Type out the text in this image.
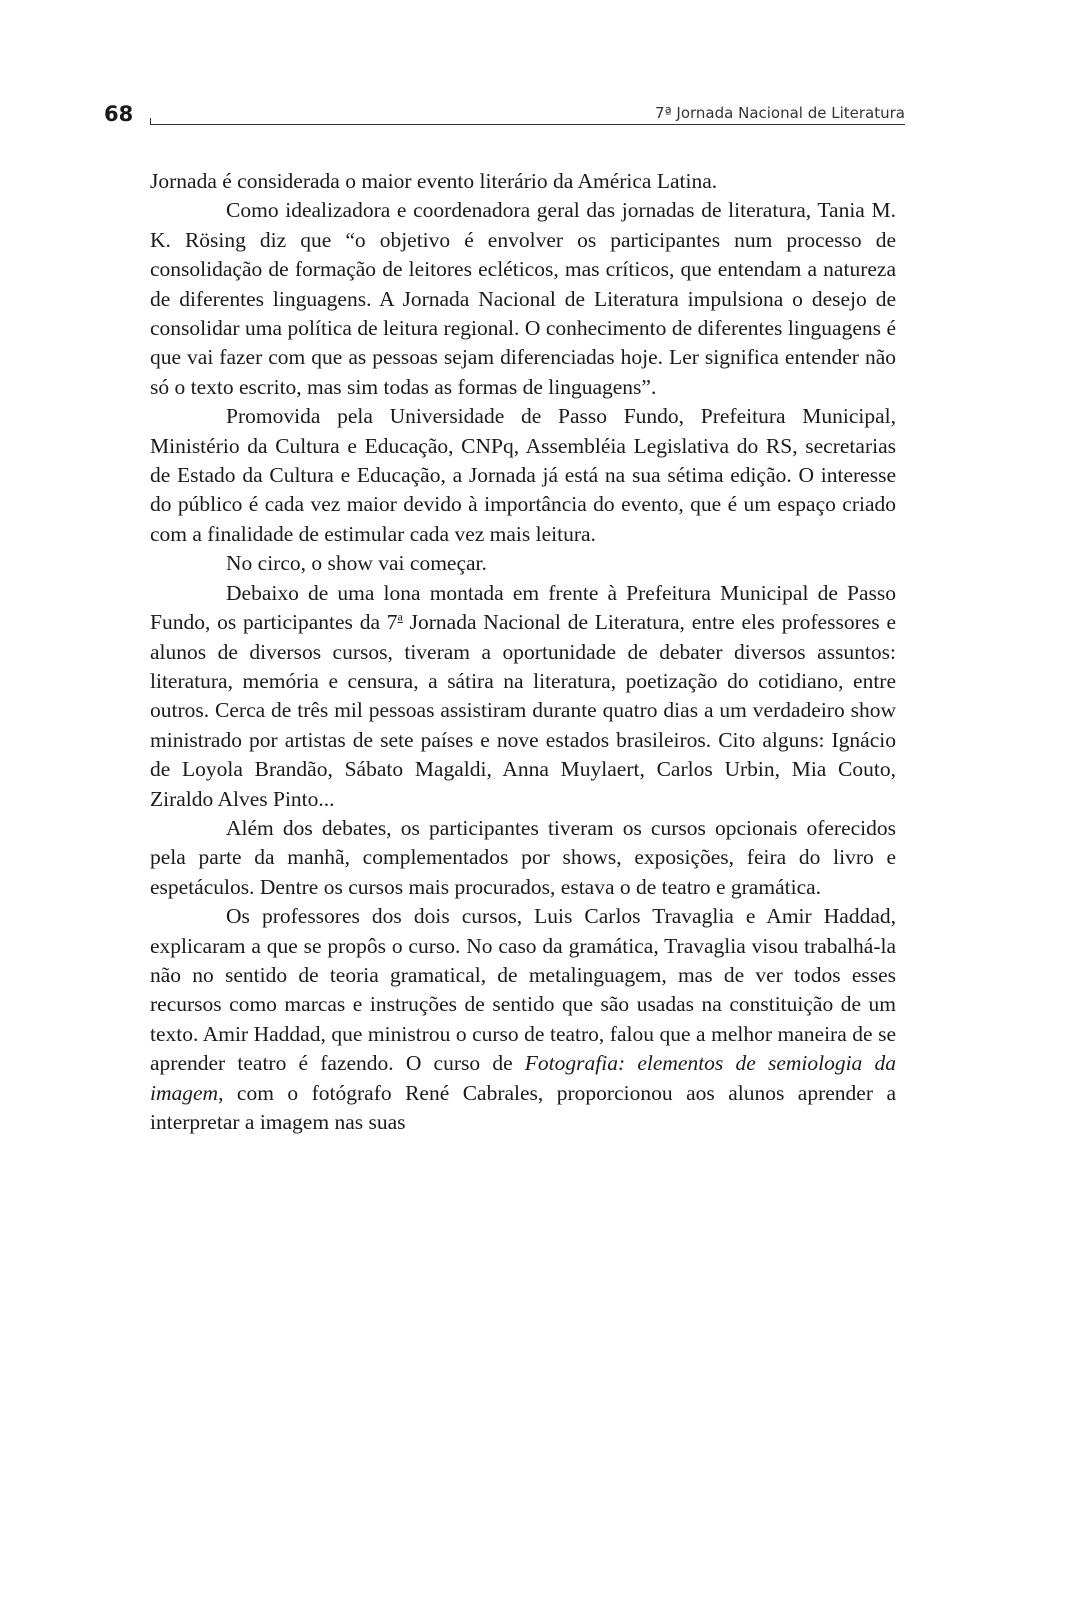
68	7ª Jornada Nacional de Literatura

Jornada é considerada o maior evento literário da América Latina.

Como idealizadora e coordenadora geral das jornadas de literatura, Tania M. K. Rösing diz que “o objetivo é envolver os participantes num processo de consolidação de formação de leitores ecléticos, mas críticos, que entendam a natureza de diferentes linguagens. A Jornada Nacional de Literatura impulsiona o desejo de consolidar uma política de leitura regional. O conhecimento de diferentes linguagens é que vai fazer com que as pessoas sejam diferenciadas hoje. Ler significa entender não só o texto escrito, mas sim todas as formas de linguagens”.

Promovida pela Universidade de Passo Fundo, Prefeitura Municipal, Ministério da Cultura e Educação, CNPq, Assembléia Legislativa do RS, secretarias de Estado da Cultura e Educação, a Jornada já está na sua sétima edição. O interesse do público é cada vez maior devido à importância do evento, que é um espaço criado com a finalidade de estimular cada vez mais leitura.

No circo, o show vai começar.

Debaixo de uma lona montada em frente à Prefeitura Municipal de Passo Fundo, os participantes da 7$^a$ Jornada Nacional de Literatura, entre eles professores e alunos de diversos cursos, tiveram a oportunidade de debater diversos assuntos: literatura, memória e censura, a sátira na literatura, poetização do cotidiano, entre outros. Cerca de três mil pessoas assistiram durante quatro dias a um verdadeiro show ministrado por artistas de sete países e nove estados brasileiros. Cito alguns: Ignácio de Loyola Brandão, Sábato Magaldi, Anna Muylaert, Carlos Urbin, Mia Couto, Ziraldo Alves Pinto...

Além dos debates, os participantes tiveram os cursos opcionais oferecidos pela parte da manhã, complementados por shows, exposições, feira do livro e espetáculos. Dentre os cursos mais procurados, estava o de teatro e gramática.

Os professores dos dois cursos, Luis Carlos Travaglia e Amir Haddad, explicaram a que se propôs o curso. No caso da gramática, Travaglia visou trabalhá-la não no sentido de teoria gramatical, de metalinguagem, mas de ver todos esses recursos como marcas e instruções de sentido que são usadas na constituição de um texto. Amir Haddad, que ministrou o curso de teatro, falou que a melhor maneira de se aprender teatro é fazendo. O curso de Fotografia: elementos de semiologia da imagem, com o fotógrafo René Cabrales, proporcionou aos alunos aprender a interpretar a imagem nas suas
